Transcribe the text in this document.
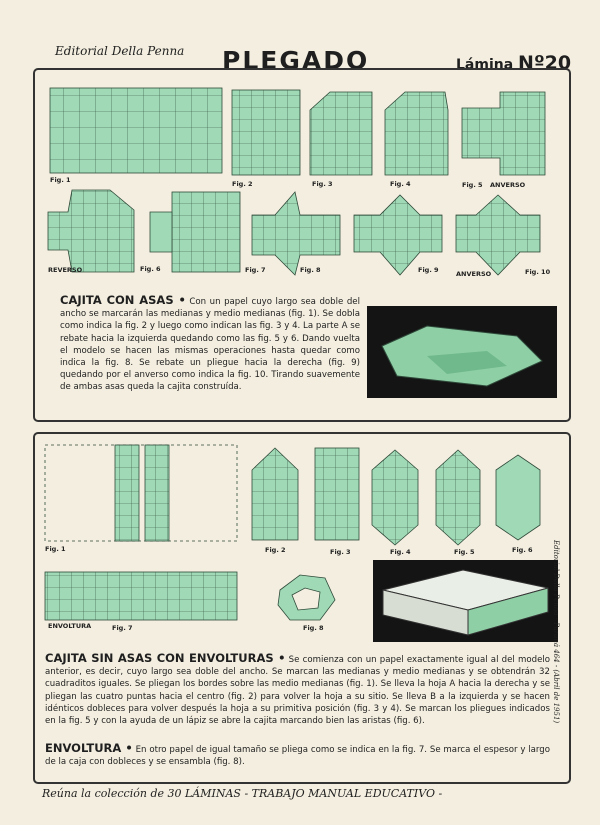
Editorial Della Penna PLEGADO	Lámina Nº20
Fig. 1	Fig. 2	Fig. 3	Fig. 4	Fig. 5 ANVERSO
REVERSO	Fig. 6	Fig. 7	Fig. 8	Fig. 9	ANVERSO	Fig. 10
CAJITA CON ASAS • Con un papel cuyo largo sea doble del ancho se marcarán las medianas y medio medianas (fig. 1). Se dobla como indica la fig. 2 y luego como indican las fig. 3 y 4. La parte A se rebate hacia la izquierda quedando como las fig. 5 y 6. Dando vuelta el modelo se hacen las mismas operaciones hasta quedar como indica la fig. 8. Se rebate un pliegue hacia la derecha (fig. 9) quedando por el anverso como indica la fig. 10. Tirando suavemente de ambas asas queda la cajita construída.
Fig. 1	Fig. 2	Fig. 3	Fig. 4	Fig. 5	Fig. 6
ENVOLTURA	Fig. 7	Fig. 8
CAJITA SIN ASAS CON ENVOLTURAS • Se comienza con un papel exactamente igual al del modelo anterior, es decir, cuyo largo sea doble del ancho. Se marcan las medianas y medio medianas y se obtendrán 32 cuadraditos iguales. Se pliegan los bordes sobre las medio medianas (fig. 1). Se lleva la hoja A hacia la derecha y se pliegan las cuatro puntas hacia el centro (fig. 2) para volver la hoja a su sitio. Se lleva B a la izquierda y se hacen idénticos dobleces para volver después la hoja a su primitiva posición (fig. 3 y 4). Se marcan los pliegues indicados en la fig. 5 y con la ayuda de un lápiz se abre la cajita marcando bien las aristas (fig. 6).
ENVOLTURA • En otro papel de igual tamaño se pliega como se indica en la fig. 7. Se marca el espesor y largo de la caja con dobleces y se ensambla (fig. 8).
Editorial Della Penna - Paraná 464 - (Abril de 1951)
Reúna la colección de 30 LÁMINAS - TRABAJO MANUAL EDUCATIVO -
